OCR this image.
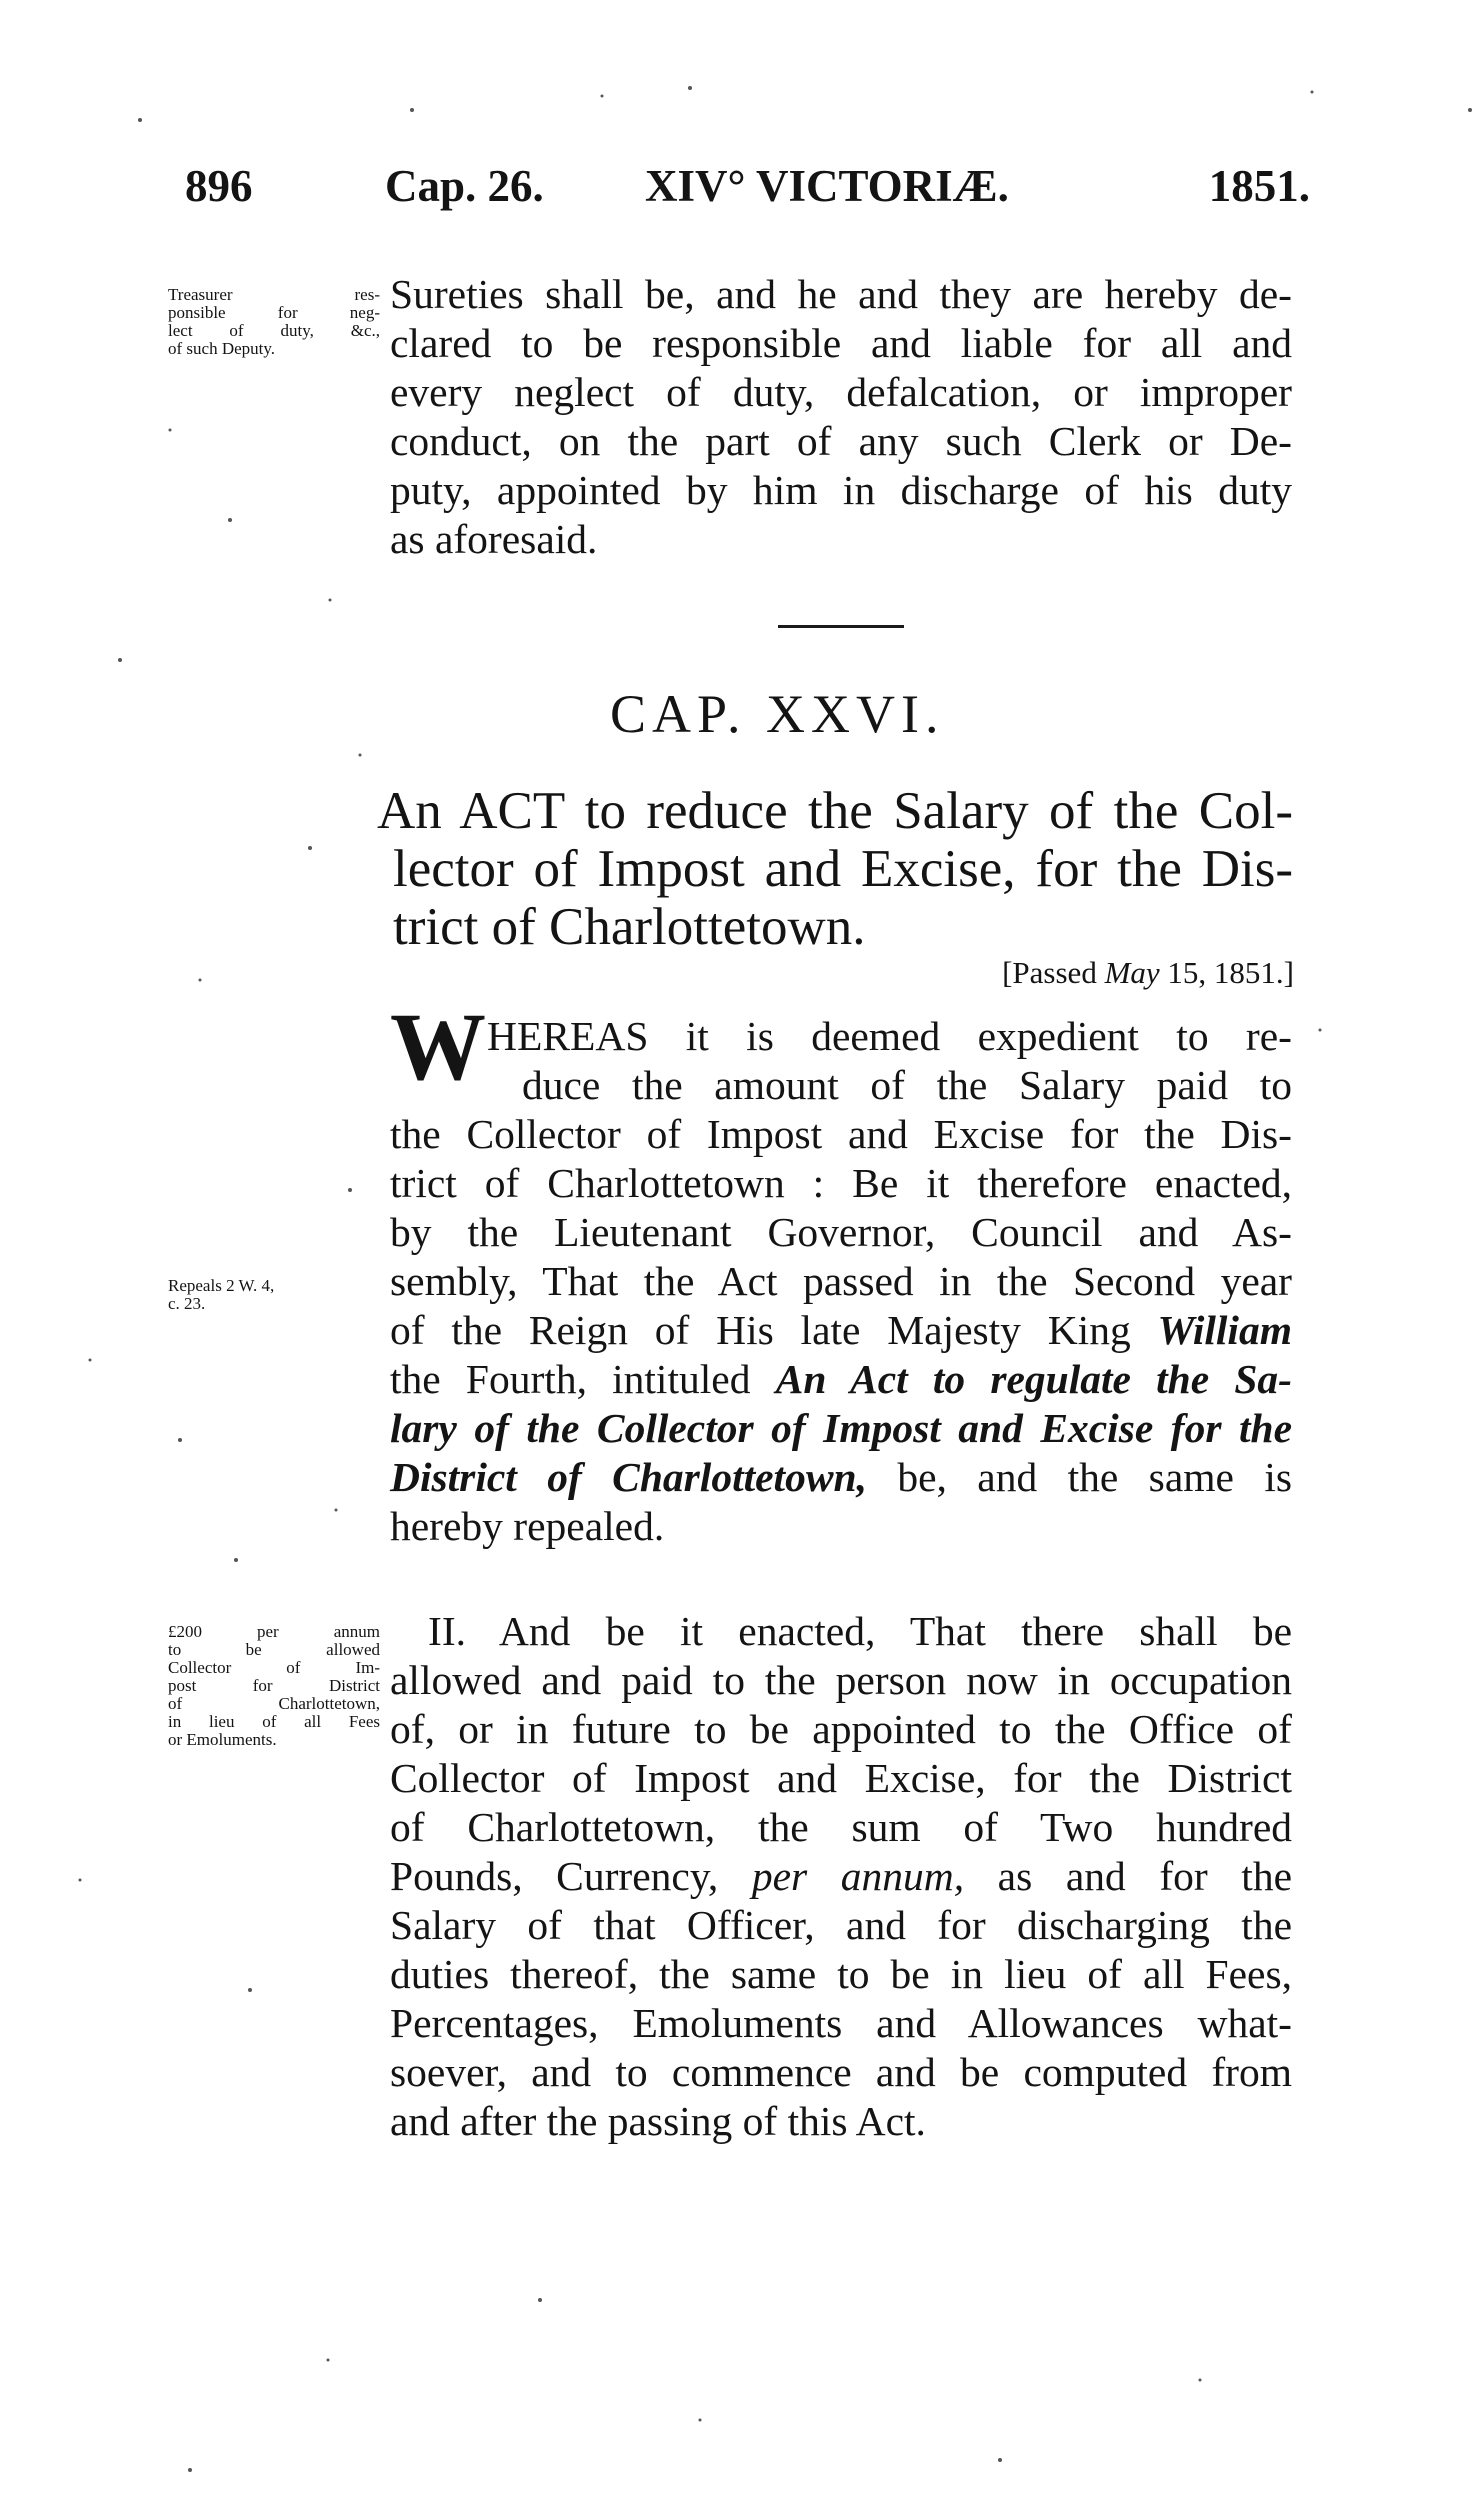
896	Cap. 26. XIV° VICTORIÆ.	1851.
Treasurer res-
ponsible for neg-
lect of duty, &c.,
of such Deputy.
Sureties shall be, and he and they are hereby de-
clared to be responsible and liable for all and
every neglect of duty, defalcation, or improper
conduct, on the part of any such Clerk or De-
puty, appointed by him in discharge of his duty
as aforesaid.
CAP. XXVI.
An ACT to reduce the Salary of the Col-
lector of Impost and Excise, for the Dis-
trict of Charlottetown.
[Passed May 15, 1851.]
W HEREAS it is deemed expedient to re-
duce the amount of the Salary paid to
Repeals 2 W. 4,
c. 23.
the Collector of Impost and Excise for the Dis-
trict of Charlottetown : Be it therefore enacted,
by the Lieutenant Governor, Council and As-
sembly, That the Act passed in the Second year
of the Reign of His late Majesty King William
the Fourth, intituled An Act to regulate the Sa-
lary of the Collector of Impost and Excise for the
District of Charlottetown, be, and the same is
hereby repealed.
£200 per annum
to be allowed
Collector of Im-
post for District
of Charlottetown,
in lieu of all Fees
or Emoluments.
II. And be it enacted, That there shall be
allowed and paid to the person now in occupation
of, or in future to be appointed to the Office of
Collector of Impost and Excise, for the District
of Charlottetown, the sum of Two hundred
Pounds, Currency, per annum, as and for the
Salary of that Officer, and for discharging the
duties thereof, the same to be in lieu of all Fees,
Percentages, Emoluments and Allowances what-
soever, and to commence and be computed from
and after the passing of this Act.
